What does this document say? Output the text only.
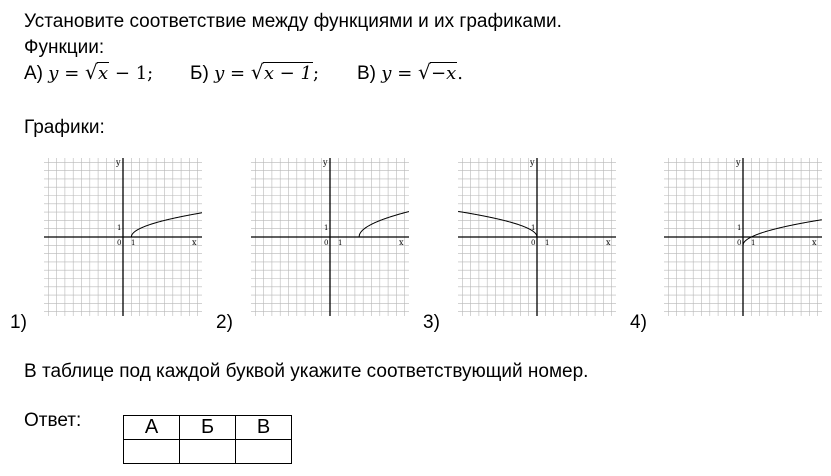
Установите соответствие между функциями и их графиками.
Функции:
А) y = √ x − 1; Б) y = √ x − 1; В) y = √ −x.
Графики:
1)
y
x
1
0 1
2)
y
x
1
0 1
3)
y
x
1
0 1
4)
y
x
1
0 1
В таблице под каждой буквой укажите соответствующий номер.
Ответ:	А	Б	В
